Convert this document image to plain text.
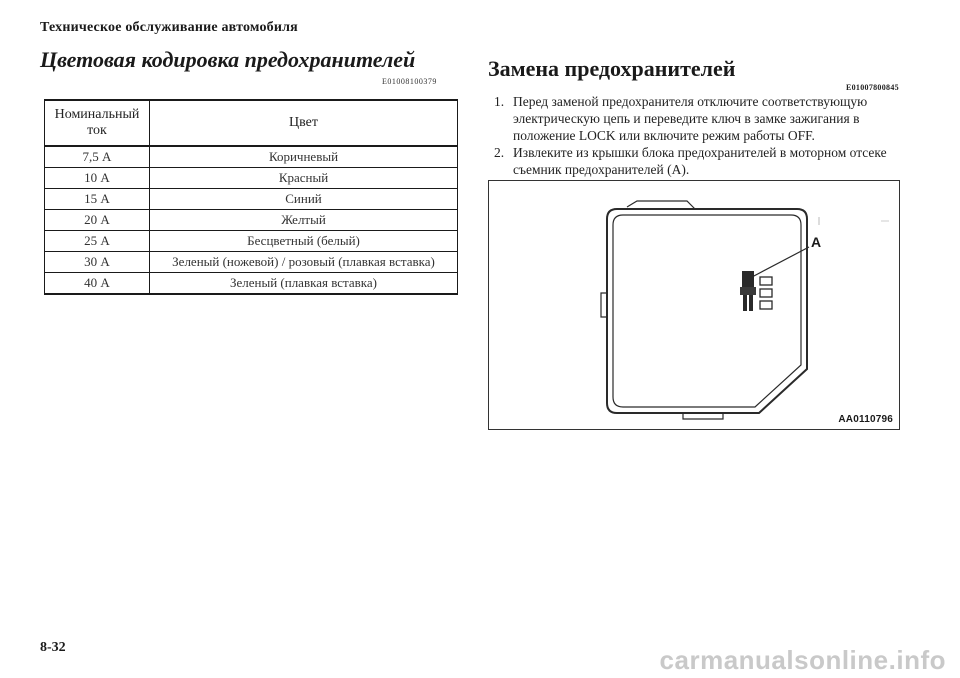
Техническое обслуживание автомобиля
Цветовая кодировка предохранителей
E01008100379
Номинальный ток	Цвет
7,5 А	Коричневый
10 А	Красный
15 А	Синий
20 А	Желтый
25 А	Бесцветный (белый)
30 А	Зеленый (ножевой) / розовый (плавкая вставка)
40 А	Зеленый (плавкая вставка)
Замена предохранителей
E01007800845
1. Перед заменой предохранителя отключите соответствующую электрическую цепь и переведите ключ в замке зажигания в положение LOCK или включите режим работы OFF.
2. Извлеките из крышки блока предохранителей в моторном отсеке съемник предохранителей (A).
A
AA0110796
8-32	carmanualsonline.info
